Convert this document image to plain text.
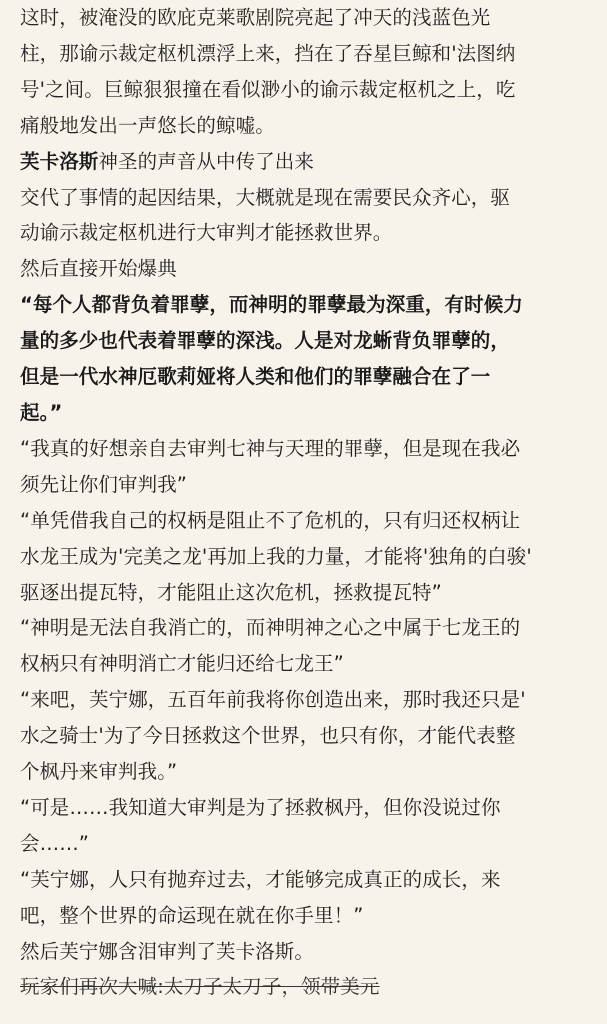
这时，被淹没的欧庇克莱歌剧院亮起了冲天的浅蓝色光
柱，那谕示裁定枢机漂浮上来，挡在了吞星巨鲸和'法图纳
号'之间。巨鲸狠狠撞在看似渺小的谕示裁定枢机之上，吃
痛般地发出一声悠长的鲸嘘。
芙卡洛斯神圣的声音从中传了出来
交代了事情的起因结果，大概就是现在需要民众齐心，驱
动谕示裁定枢机进行大审判才能拯救世界。
然后直接开始爆典
“每个人都背负着罪孽，而神明的罪孽最为深重，有时候力
量的多少也代表着罪孽的深浅。人是对龙蜥背负罪孽的，
但是一代水神厄歌莉娅将人类和他们的罪孽融合在了一
起。”
“我真的好想亲自去审判七神与天理的罪孽，但是现在我必
须先让你们审判我”
“单凭借我自己的权柄是阻止不了危机的，只有归还权柄让
水龙王成为'完美之龙'再加上我的力量，才能将'独角的白骏'
驱逐出提瓦特，才能阻止这次危机，拯救提瓦特”
“神明是无法自我消亡的，而神明神之心之中属于七龙王的
权柄只有神明消亡才能归还给七龙王”
“来吧，芙宁娜，五百年前我将你创造出来，那时我还只是'
水之骑士'为了今日拯救这个世界，也只有你，才能代表整
个枫丹来审判我。”
“可是……我知道大审判是为了拯救枫丹，但你没说过你
会……”
“芙宁娜，人只有抛弃过去，才能够完成真正的成长，来
吧，整个世界的命运现在就在你手里！”
然后芙宁娜含泪审判了芙卡洛斯。
玩家们再次大喊:太刀子太刀子，领带美元
